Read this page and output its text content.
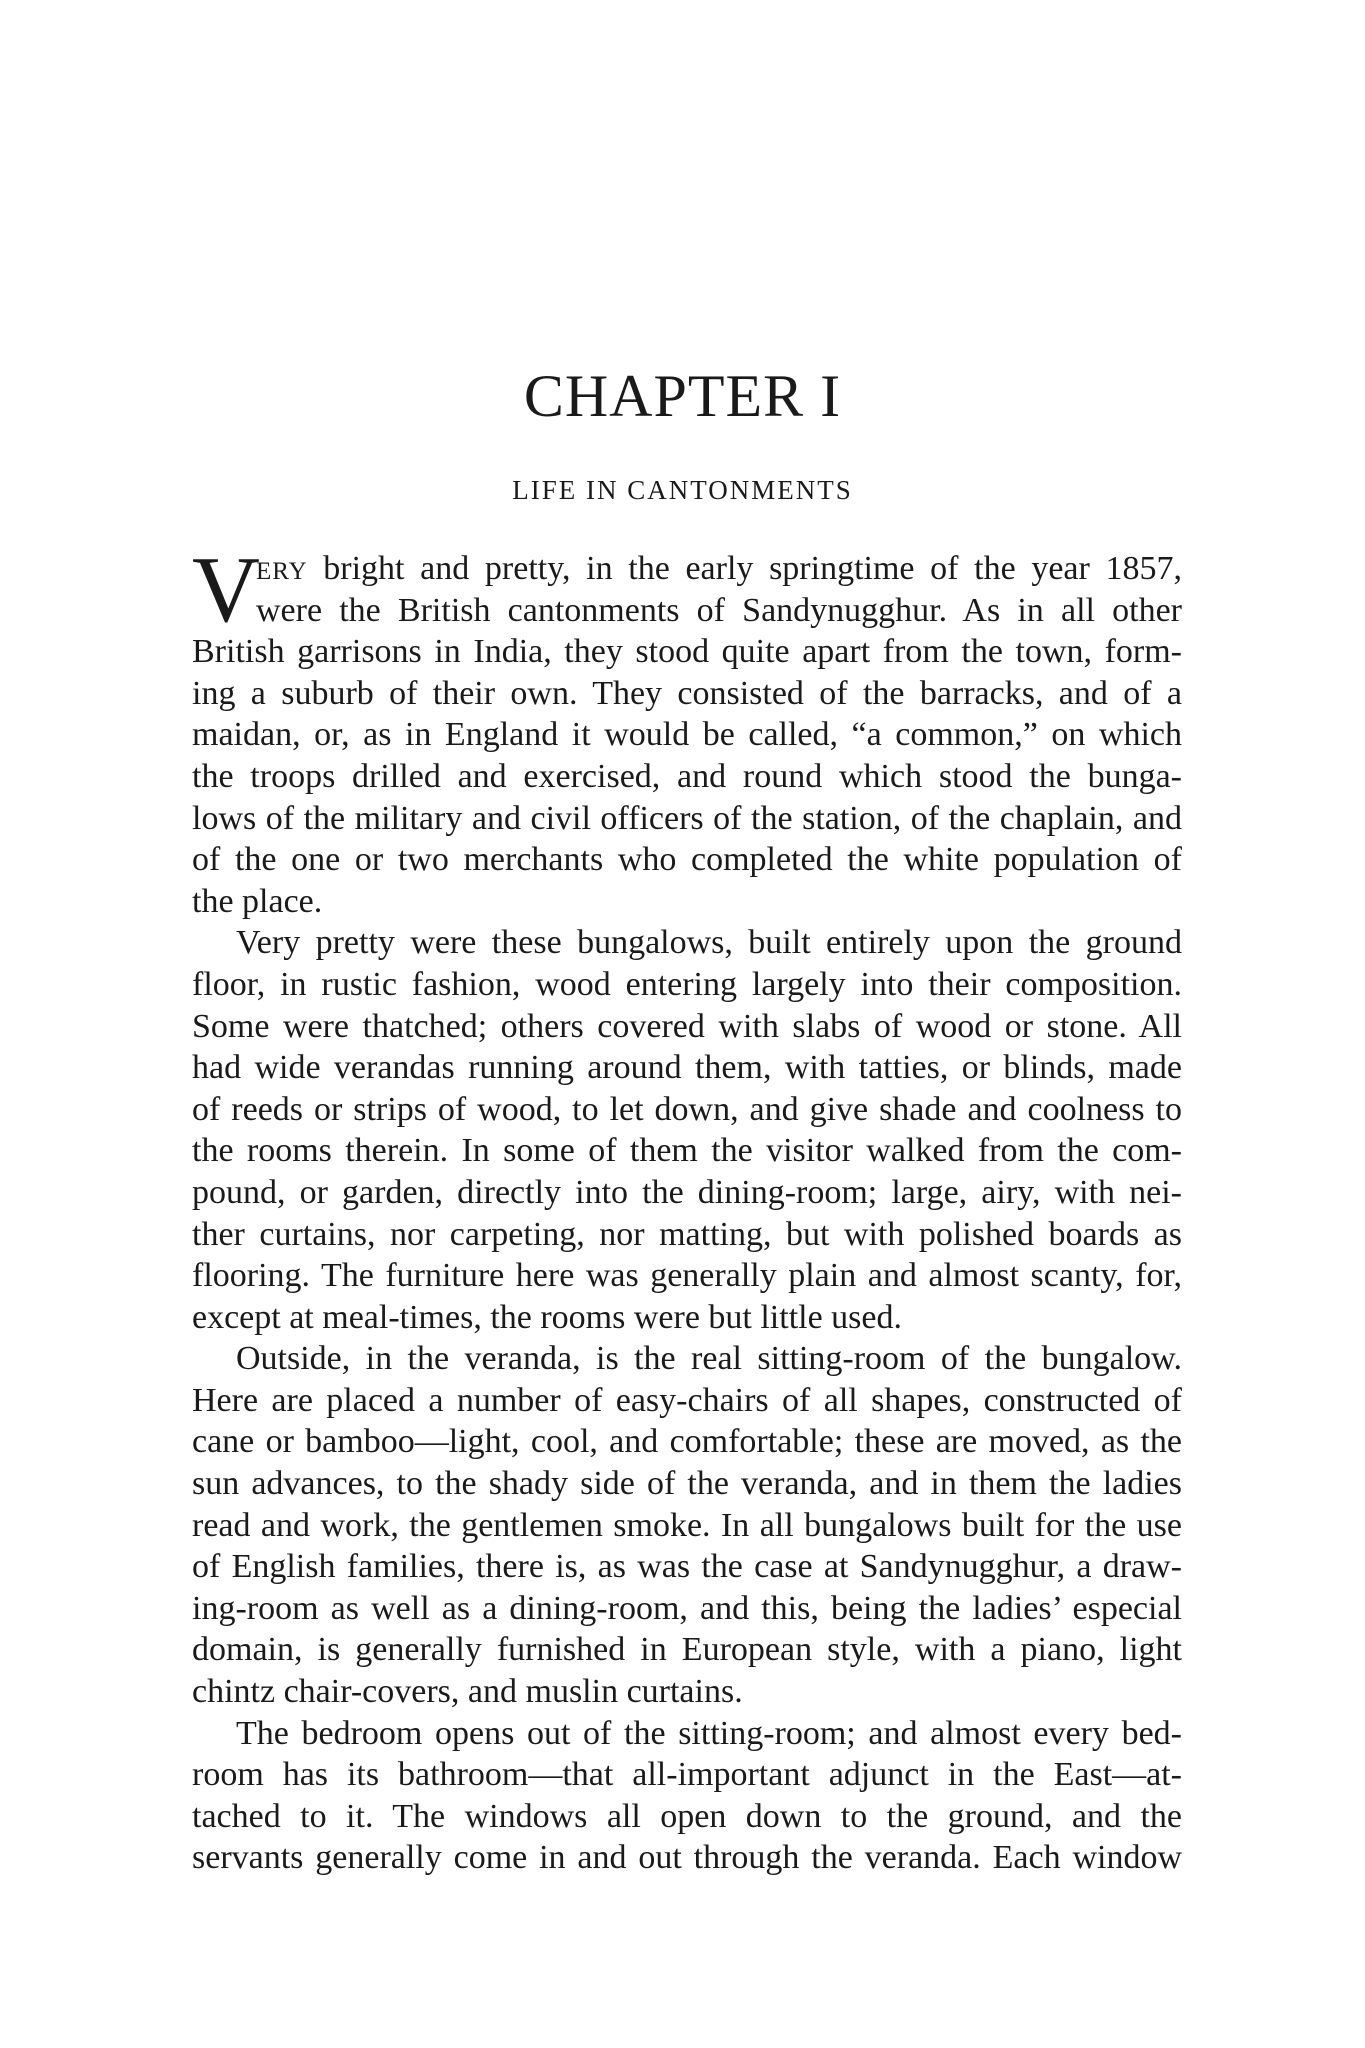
CHAPTER I
LIFE IN CANTONMENTS
V
ERY bright and pretty, in the early springtime of the year 1857,
were the British cantonments of Sandynugghur. As in all other
British garrisons in India, they stood quite apart from the town, form-
ing a suburb of their own. They consisted of the barracks, and of a
maidan, or, as in England it would be called, “a common,” on which
the troops drilled and exercised, and round which stood the bunga-
lows of the military and civil officers of the station, of the chaplain, and
of the one or two merchants who completed the white population of
the place.
Very pretty were these bungalows, built entirely upon the ground
floor, in rustic fashion, wood entering largely into their composition.
Some were thatched; others covered with slabs of wood or stone. All
had wide verandas running around them, with tatties, or blinds, made
of reeds or strips of wood, to let down, and give shade and coolness to
the rooms therein. In some of them the visitor walked from the com-
pound, or garden, directly into the dining-room; large, airy, with nei-
ther curtains, nor carpeting, nor matting, but with polished boards as
flooring. The furniture here was generally plain and almost scanty, for,
except at meal-times, the rooms were but little used.
Outside, in the veranda, is the real sitting-room of the bungalow.
Here are placed a number of easy-chairs of all shapes, constructed of
cane or bamboo—light, cool, and comfortable; these are moved, as the
sun advances, to the shady side of the veranda, and in them the ladies
read and work, the gentlemen smoke. In all bungalows built for the use
of English families, there is, as was the case at Sandynugghur, a draw-
ing-room as well as a dining-room, and this, being the ladies’ especial
domain, is generally furnished in European style, with a piano, light
chintz chair-covers, and muslin curtains.
The bedroom opens out of the sitting-room; and almost every bed-
room has its bathroom—that all-important adjunct in the East—at-
tached to it. The windows all open down to the ground, and the
servants generally come in and out through the veranda. Each window
